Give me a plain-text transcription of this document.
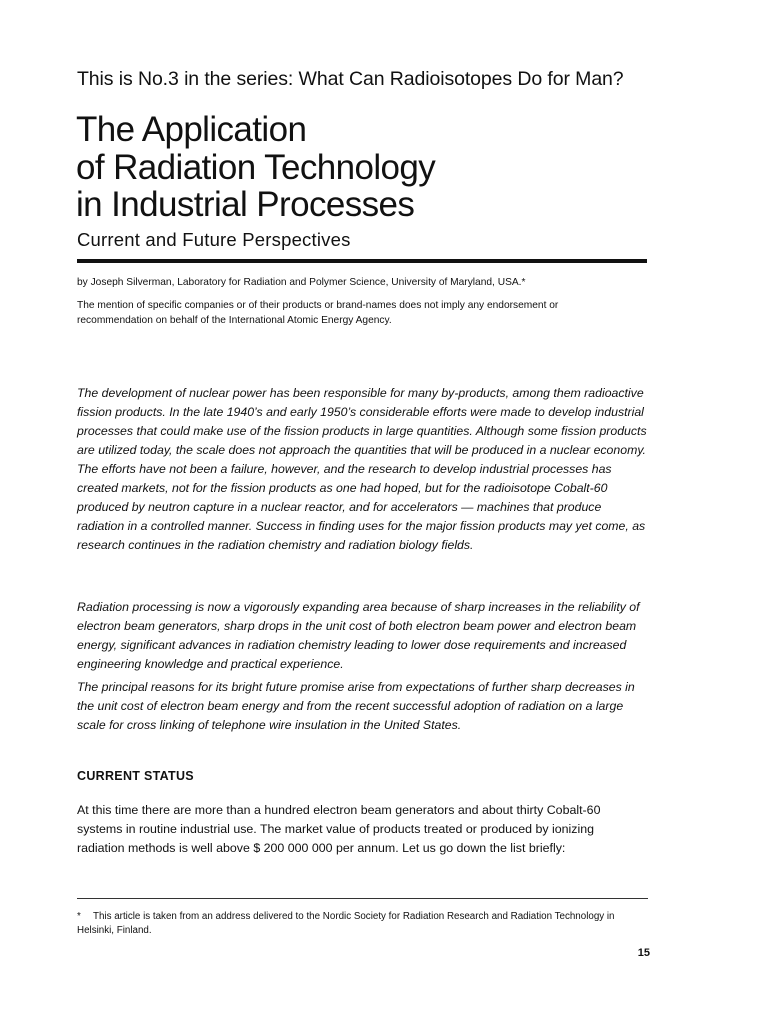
This is No.3 in the series: What Can Radioisotopes Do for Man?
The Application
of Radiation Technology
in Industrial Processes
Current and Future Perspectives
by Joseph Silverman, Laboratory for Radiation and Polymer Science, University of Maryland, USA.*
The mention of specific companies or of their products or brand-names does not imply any endorsement or recommendation on behalf of the International Atomic Energy Agency.
The development of nuclear power has been responsible for many by-products, among them radioactive fission products. In the late 1940’s and early 1950’s considerable efforts were made to develop industrial processes that could make use of the fission products in large quantities. Although some fission products are utilized today, the scale does not approach the quantities that will be produced in a nuclear economy. The efforts have not been a failure, however, and the research to develop industrial processes has created markets, not for the fission products as one had hoped, but for the radioisotope Cobalt-60 produced by neutron capture in a nuclear reactor, and for accelerators — machines that produce radiation in a controlled manner. Success in finding uses for the major fission products may yet come, as research continues in the radiation chemistry and radiation biology fields.
Radiation processing is now a vigorously expanding area because of sharp increases in the reliability of electron beam generators, sharp drops in the unit cost of both electron beam power and electron beam energy, significant advances in radiation chemistry leading to lower dose requirements and increased engineering knowledge and practical experience.
The principal reasons for its bright future promise arise from expectations of further sharp decreases in the unit cost of electron beam energy and from the recent successful adoption of radiation on a large scale for cross linking of telephone wire insulation in the United States.
CURRENT STATUS
At this time there are more than a hundred electron beam generators and about thirty Cobalt-60 systems in routine industrial use. The market value of products treated or produced by ionizing radiation methods is well above $ 200 000 000 per annum. Let us go down the list briefly:
* This article is taken from an address delivered to the Nordic Society for Radiation Research and Radiation Technology in Helsinki, Finland.
15
